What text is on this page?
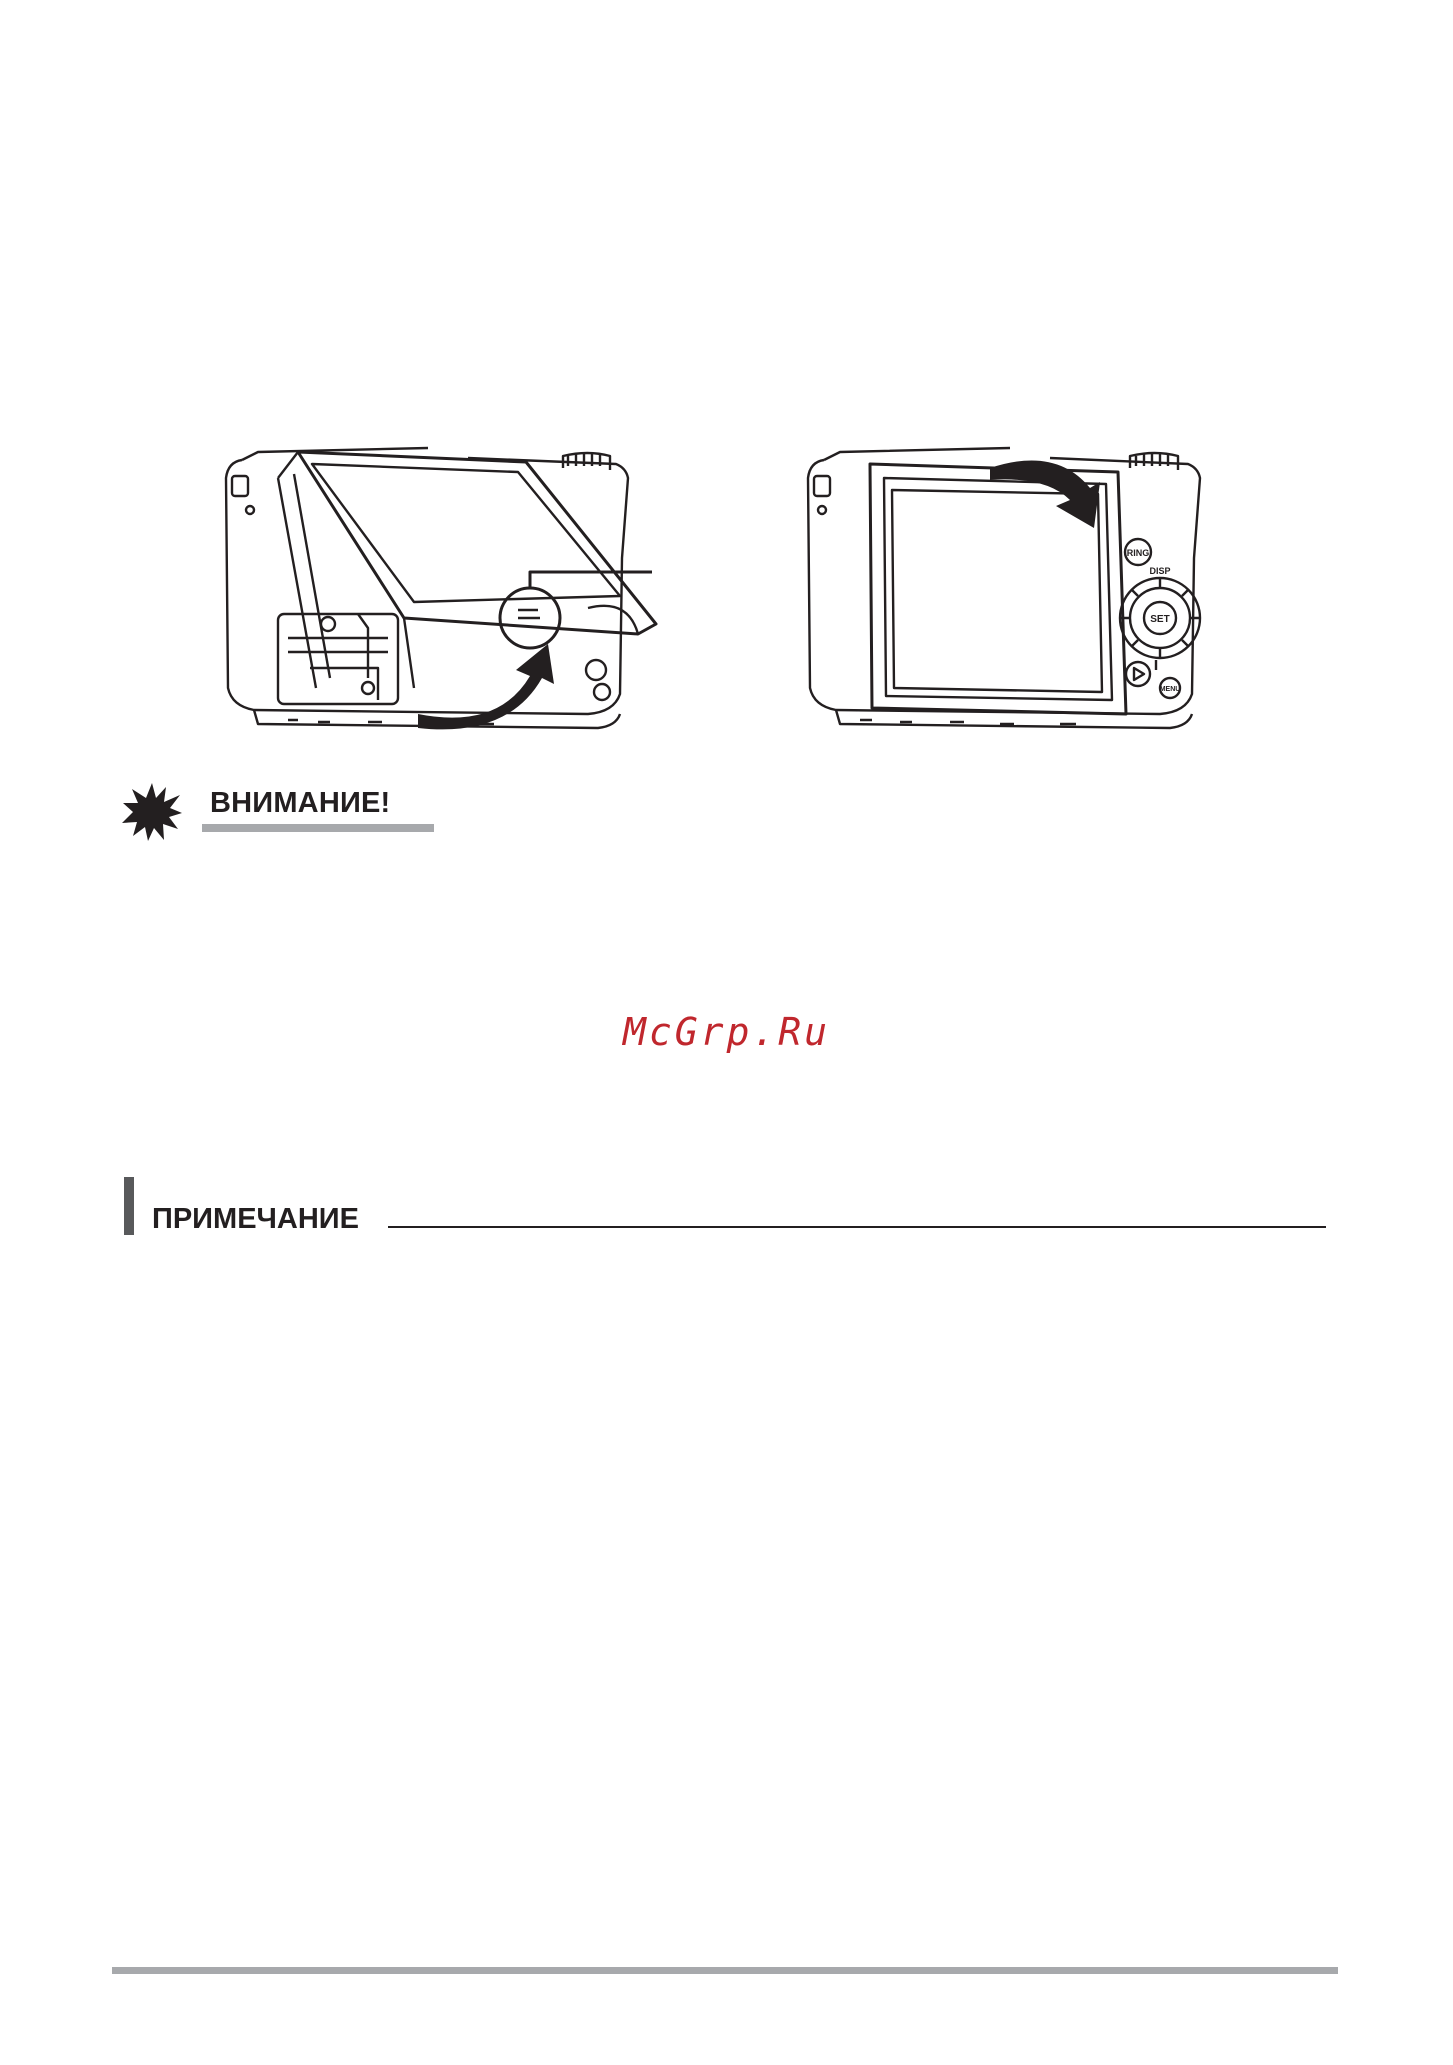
RING
DISP
SET
MENU
ВНИМАНИЕ!
McGrp.Ru
ПРИМЕЧАНИЕ
